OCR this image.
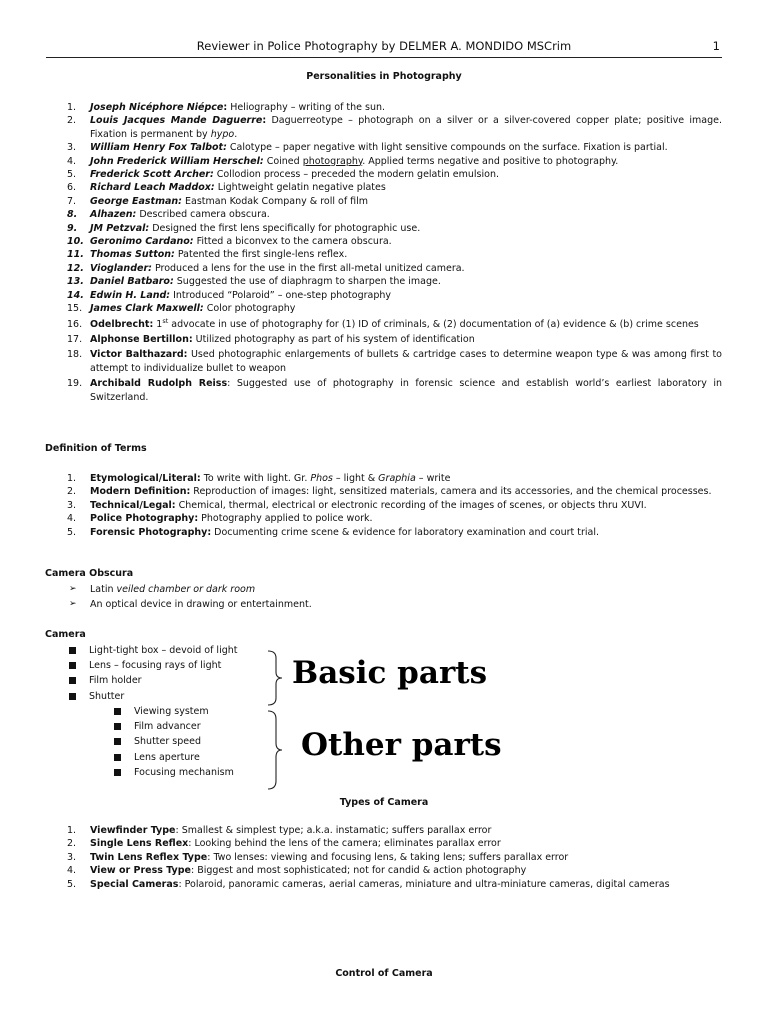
Reviewer in Police Photography by DELMER A. MONDIDO MSCrim	1
Personalities in Photography
1. Joseph Nicéphore Niépce: Heliography – writing of the sun.
2. Louis Jacques Mande Daguerre: Daguerreotype – photograph on a silver or a silver-covered copper plate; positive image. Fixation is permanent by hypo.
3. William Henry Fox Talbot: Calotype – paper negative with light sensitive compounds on the surface. Fixation is partial.
4. John Frederick William Herschel: Coined photography. Applied terms negative and positive to photography.
5. Frederick Scott Archer: Collodion process – preceded the modern gelatin emulsion.
6. Richard Leach Maddox: Lightweight gelatin negative plates
7. George Eastman: Eastman Kodak Company & roll of film
8. Alhazen: Described camera obscura.
9. JM Petzval: Designed the first lens specifically for photographic use.
10. Geronimo Cardano: Fitted a biconvex to the camera obscura.
11. Thomas Sutton: Patented the first single-lens reflex.
12. Vioglander: Produced a lens for the use in the first all-metal unitized camera.
13. Daniel Batbaro: Suggested the use of diaphragm to sharpen the image.
14. Edwin H. Land: Introduced “Polaroid” – one-step photography
15. James Clark Maxwell: Color photography
16. Odelbrecht: 1st advocate in use of photography for (1) ID of criminals, & (2) documentation of (a) evidence & (b) crime scenes
17. Alphonse Bertillon: Utilized photography as part of his system of identification
18. Victor Balthazard: Used photographic enlargements of bullets & cartridge cases to determine weapon type & was among first to attempt to individualize bullet to weapon
19. Archibald Rudolph Reiss: Suggested use of photography in forensic science and establish world’s earliest laboratory in Switzerland.
Definition of Terms
1. Etymological/Literal: To write with light. Gr. Phos – light & Graphia – write
2. Modern Definition: Reproduction of images: light, sensitized materials, camera and its accessories, and the chemical processes.
3. Technical/Legal: Chemical, thermal, electrical or electronic recording of the images of scenes, or objects thru XUVI.
4. Police Photography: Photography applied to police work.
5. Forensic Photography: Documenting crime scene & evidence for laboratory examination and court trial.
Camera Obscura
➢ Latin veiled chamber or dark room
➢ An optical device in drawing or entertainment.
Camera
Light-tight box – devoid of light
Lens – focusing rays of light
Film holder
Shutter
Viewing system
Film advancer
Shutter speed
Lens aperture
Focusing mechanism
Basic parts
Other parts
Types of Camera
1. Viewfinder Type: Smallest & simplest type; a.k.a. instamatic; suffers parallax error
2. Single Lens Reflex: Looking behind the lens of the camera; eliminates parallax error
3. Twin Lens Reflex Type: Two lenses: viewing and focusing lens, & taking lens; suffers parallax error
4. View or Press Type: Biggest and most sophisticated; not for candid & action photography
5. Special Cameras: Polaroid, panoramic cameras, aerial cameras, miniature and ultra-miniature cameras, digital cameras
Control of Camera
